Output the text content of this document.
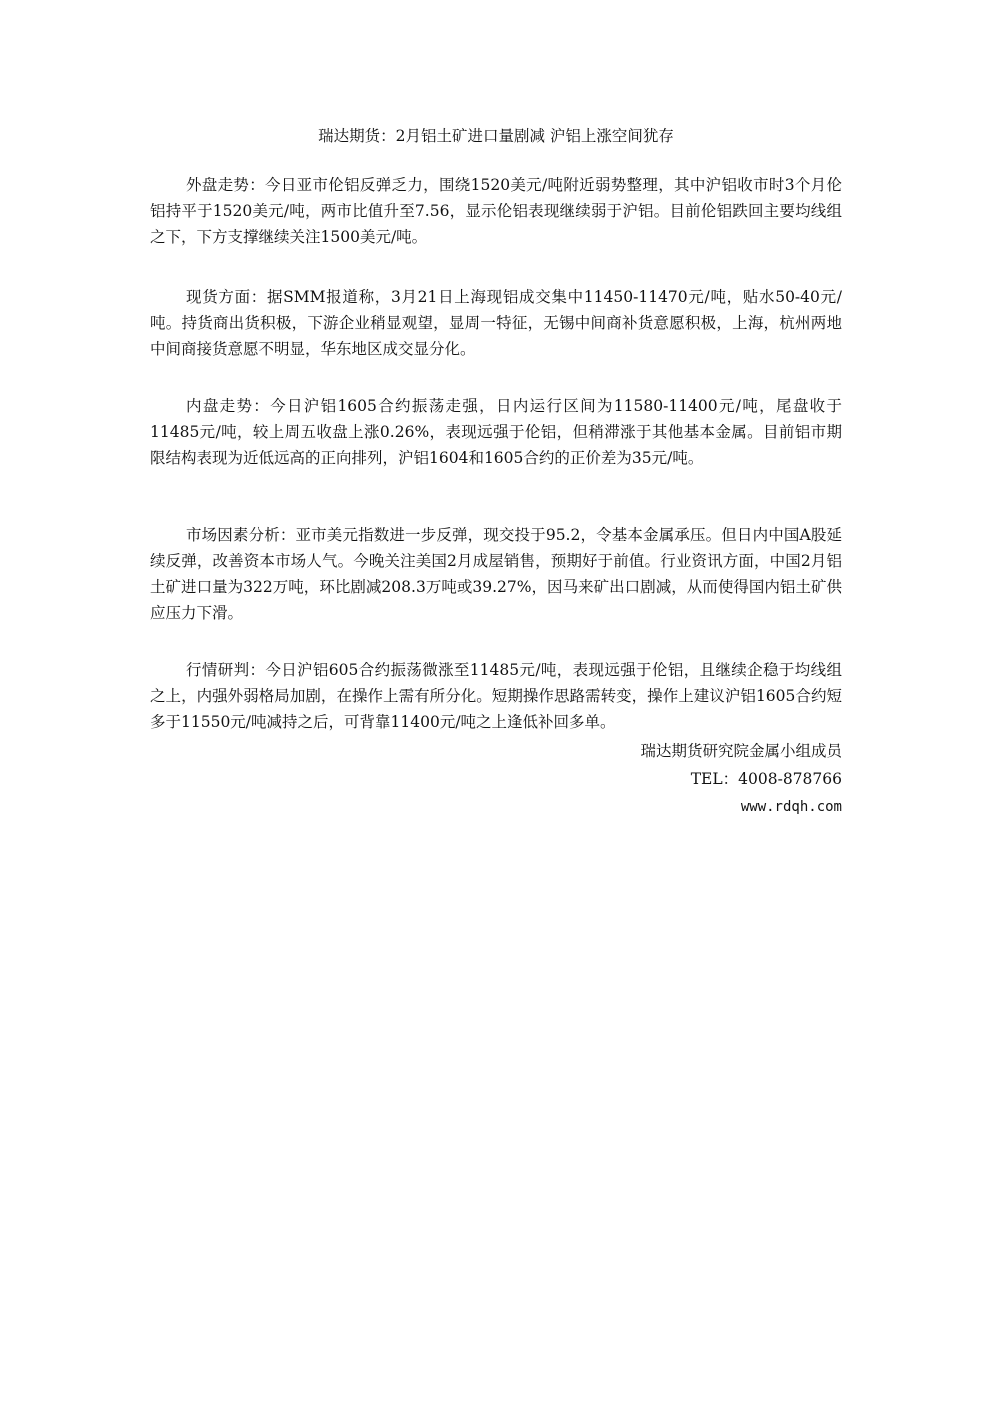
瑞达期货：2月铝土矿进口量剧减 沪铝上涨空间犹存

外盘走势：今日亚市伦铝反弹乏力，围绕1520美元/吨附近弱势整理，其中沪铝收市时3个月伦铝持平于1520美元/吨，两市比值升至7.56，显示伦铝表现继续弱于沪铝。目前伦铝跌回主要均线组之下，下方支撑继续关注1500美元/吨。

现货方面：据SMM报道称，3月21日上海现铝成交集中11450-11470元/吨，贴水50-40元/吨。持货商出货积极，下游企业稍显观望，显周一特征，无锡中间商补货意愿积极，上海，杭州两地中间商接货意愿不明显，华东地区成交显分化。

内盘走势：今日沪铝1605合约振荡走强，日内运行区间为11580-11400元/吨，尾盘收于11485元/吨，较上周五收盘上涨0.26%，表现远强于伦铝，但稍滞涨于其他基本金属。目前铝市期限结构表现为近低远高的正向排列，沪铝1604和1605合约的正价差为35元/吨。

市场因素分析：亚市美元指数进一步反弹，现交投于95.2，令基本金属承压。但日内中国A股延续反弹，改善资本市场人气。今晚关注美国2月成屋销售，预期好于前值。行业资讯方面，中国2月铝土矿进口量为322万吨，环比剧减208.3万吨或39.27%，因马来矿出口剧减，从而使得国内铝土矿供应压力下滑。

行情研判：今日沪铝605合约振荡微涨至11485元/吨，表现远强于伦铝，且继续企稳于均线组之上，内强外弱格局加剧，在操作上需有所分化。短期操作思路需转变，操作上建议沪铝1605合约短多于11550元/吨减持之后，可背靠11400元/吨之上逢低补回多单。

瑞达期货研究院金属小组成员
TEL：4008-878766
www.rdqh.com
